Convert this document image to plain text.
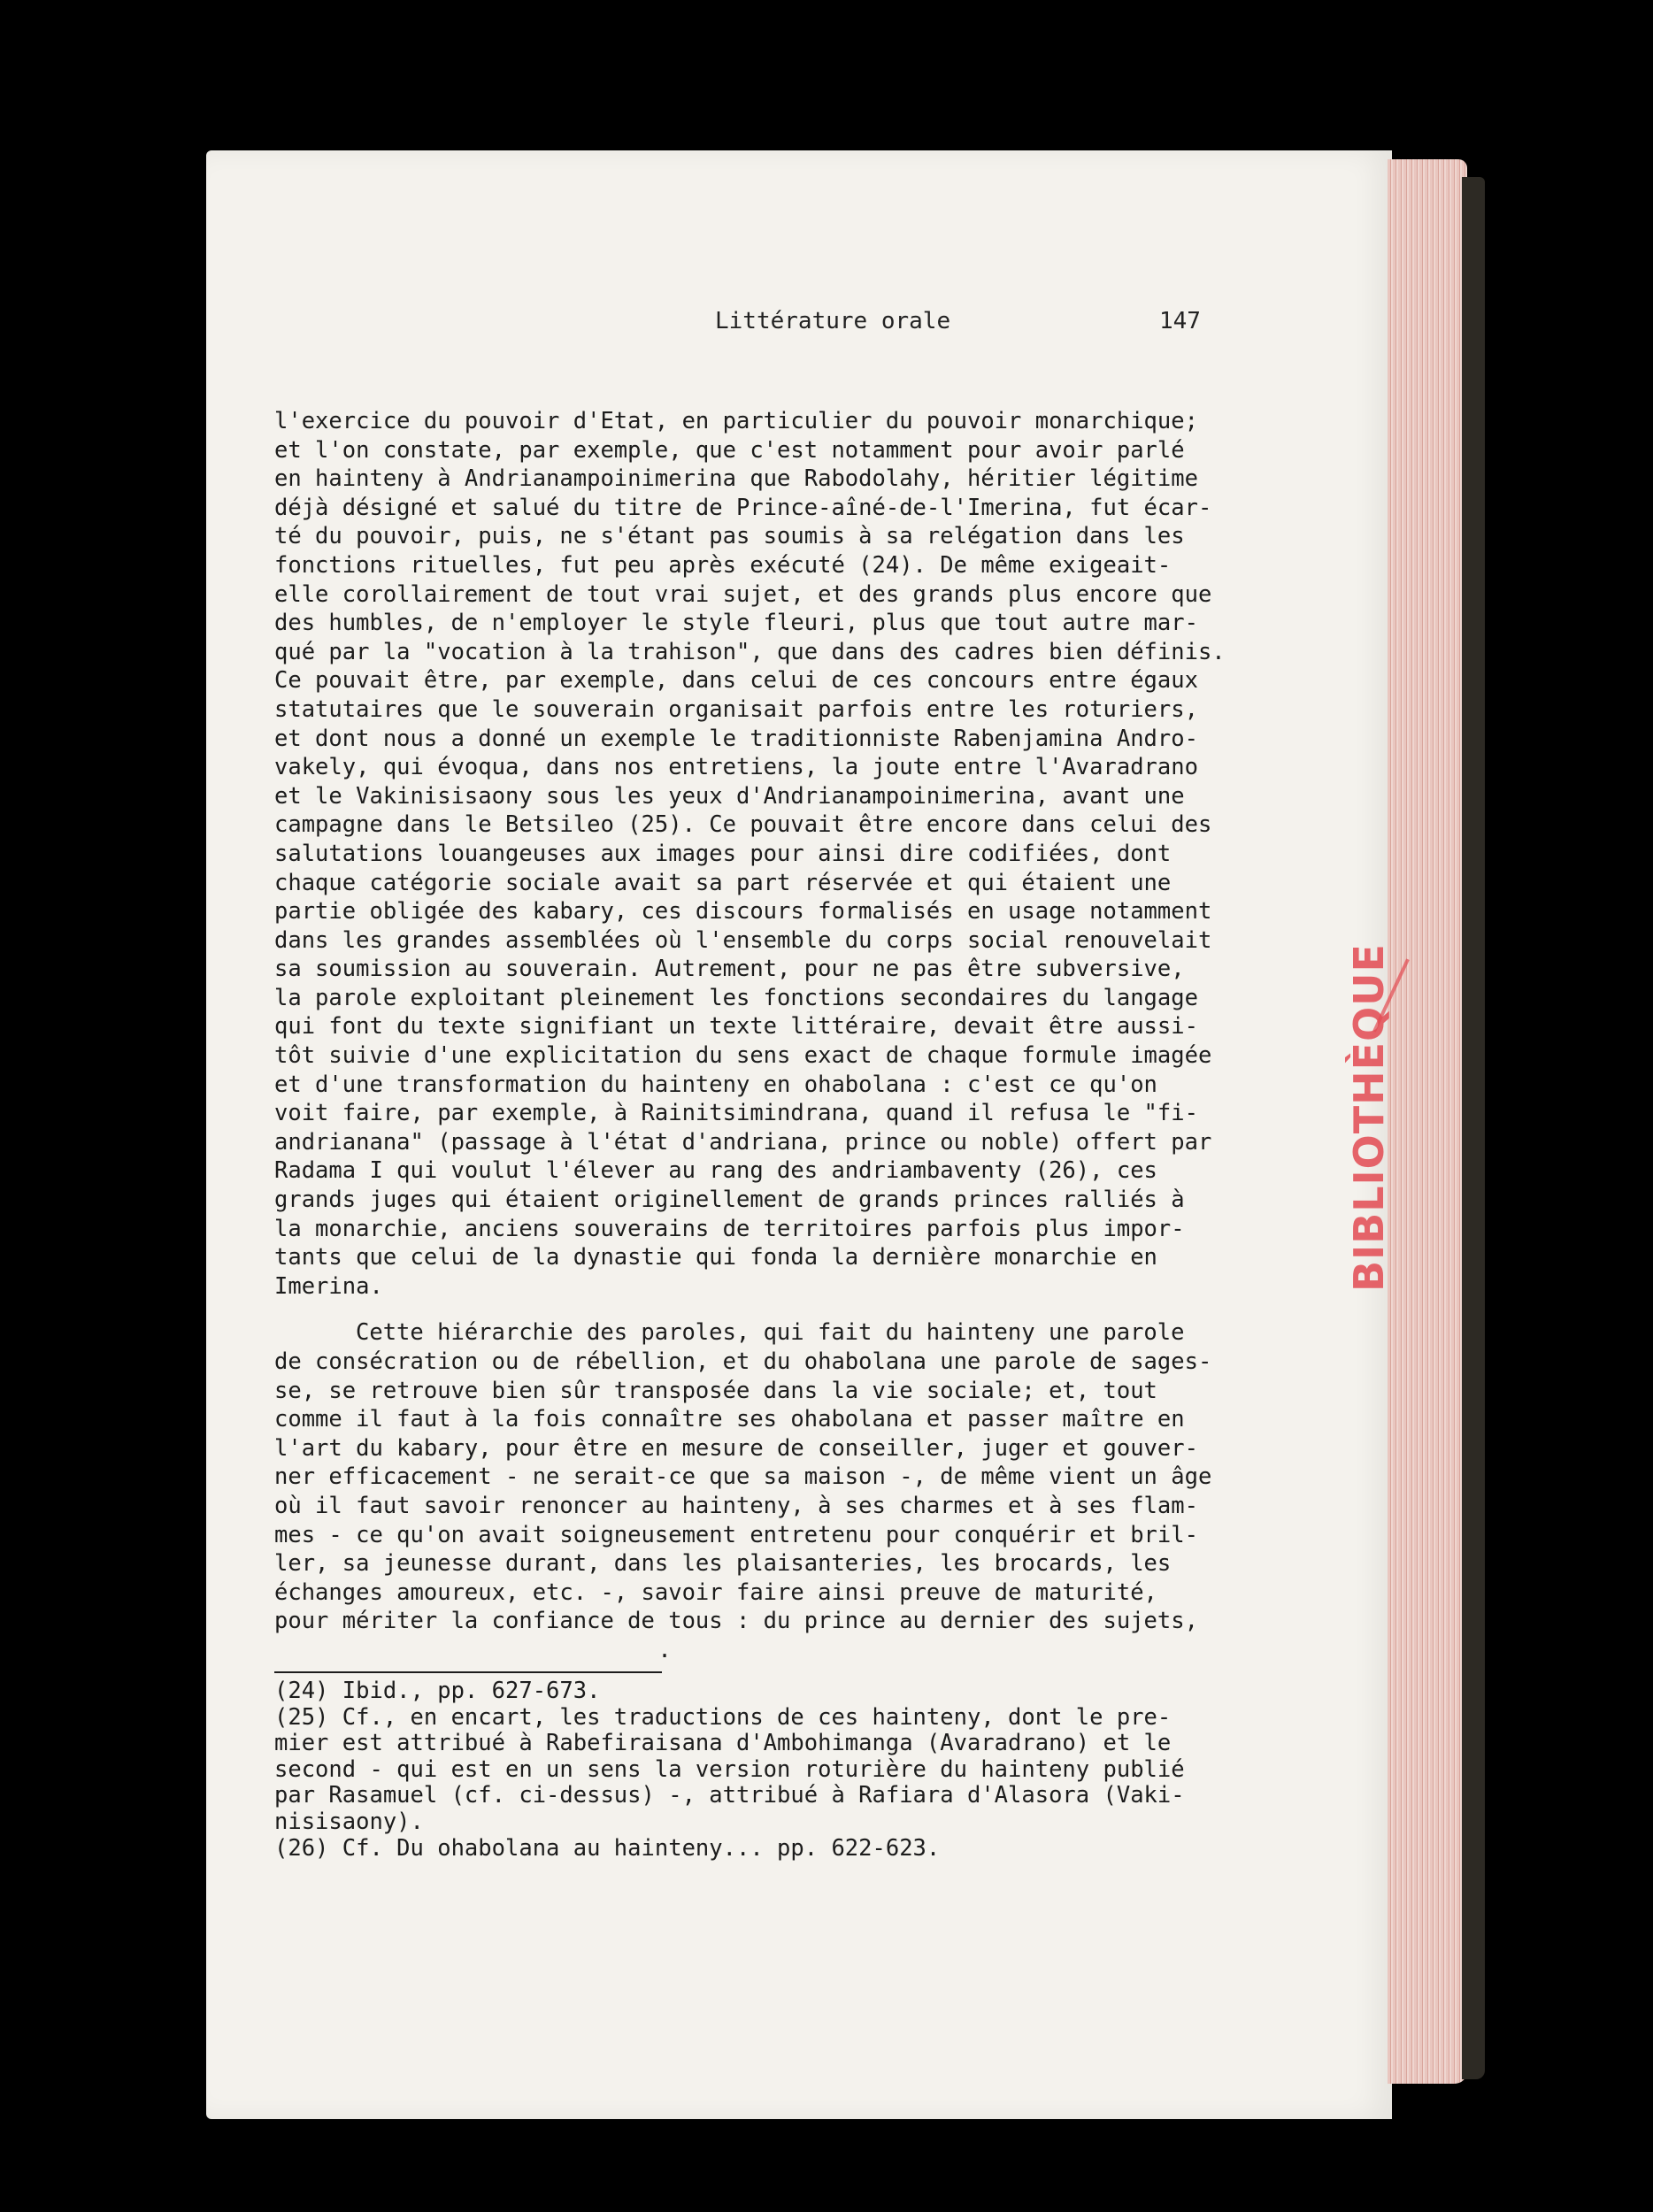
BIBLIOTHÈQUE
Littérature orale	147
l'exercice du pouvoir d'Etat, en particulier du pouvoir monarchique;
et l'on constate, par exemple, que c'est notamment pour avoir parlé
en hainteny à Andrianampoinimerina que Rabodolahy, héritier légitime
déjà désigné et salué du titre de Prince-aîné-de-l'Imerina, fut écar-
té du pouvoir, puis, ne s'étant pas soumis à sa relégation dans les
fonctions rituelles, fut peu après exécuté (24). De même exigeait-
elle corollairement de tout vrai sujet, et des grands plus encore que
des humbles, de n'employer le style fleuri, plus que tout autre mar-
qué par la "vocation à la trahison", que dans des cadres bien définis.
Ce pouvait être, par exemple, dans celui de ces concours entre égaux
statutaires que le souverain organisait parfois entre les roturiers,
et dont nous a donné un exemple le traditionniste Rabenjamina Andro-
vakely, qui évoqua, dans nos entretiens, la joute entre l'Avaradrano
et le Vakinisisaony sous les yeux d'Andrianampoinimerina, avant une
campagne dans le Betsileo (25). Ce pouvait être encore dans celui des
salutations louangeuses aux images pour ainsi dire codifiées, dont
chaque catégorie sociale avait sa part réservée et qui étaient une
partie obligée des kabary, ces discours formalisés en usage notamment
dans les grandes assemblées où l'ensemble du corps social renouvelait
sa soumission au souverain. Autrement, pour ne pas être subversive,
la parole exploitant pleinement les fonctions secondaires du langage
qui font du texte signifiant un texte littéraire, devait être aussi-
tôt suivie d'une explicitation du sens exact de chaque formule imagée
et d'une transformation du hainteny en ohabolana : c'est ce qu'on
voit faire, par exemple, à Rainitsimindrana, quand il refusa le "fi-
andrianana" (passage à l'état d'andriana, prince ou noble) offert par
Radama I qui voulut l'élever au rang des andriambaventy (26), ces
grands juges qui étaient originellement de grands princes ralliés à
la monarchie, anciens souverains de territoires parfois plus impor-
tants que celui de la dynastie qui fonda la dernière monarchie en
Imerina.
Cette hiérarchie des paroles, qui fait du hainteny une parole
de consécration ou de rébellion, et du ohabolana une parole de sages-
se, se retrouve bien sûr transposée dans la vie sociale; et, tout
comme il faut à la fois connaître ses ohabolana et passer maître en
l'art du kabary, pour être en mesure de conseiller, juger et gouver-
ner efficacement - ne serait-ce que sa maison -, de même vient un âge
où il faut savoir renoncer au hainteny, à ses charmes et à ses flam-
mes - ce qu'on avait soigneusement entretenu pour conquérir et bril-
ler, sa jeunesse durant, dans les plaisanteries, les brocards, les
échanges amoureux, etc. -, savoir faire ainsi preuve de maturité,
pour mériter la confiance de tous : du prince au dernier des sujets,
.
(24) Ibid., pp. 627-673.
(25) Cf., en encart, les traductions de ces hainteny, dont le pre-
mier est attribué à Rabefiraisana d'Ambohimanga (Avaradrano) et le
second - qui est en un sens la version roturière du hainteny publié
par Rasamuel (cf. ci-dessus) -, attribué à Rafiara d'Alasora (Vaki-
nisisaony).
(26) Cf. Du ohabolana au hainteny... pp. 622-623.
